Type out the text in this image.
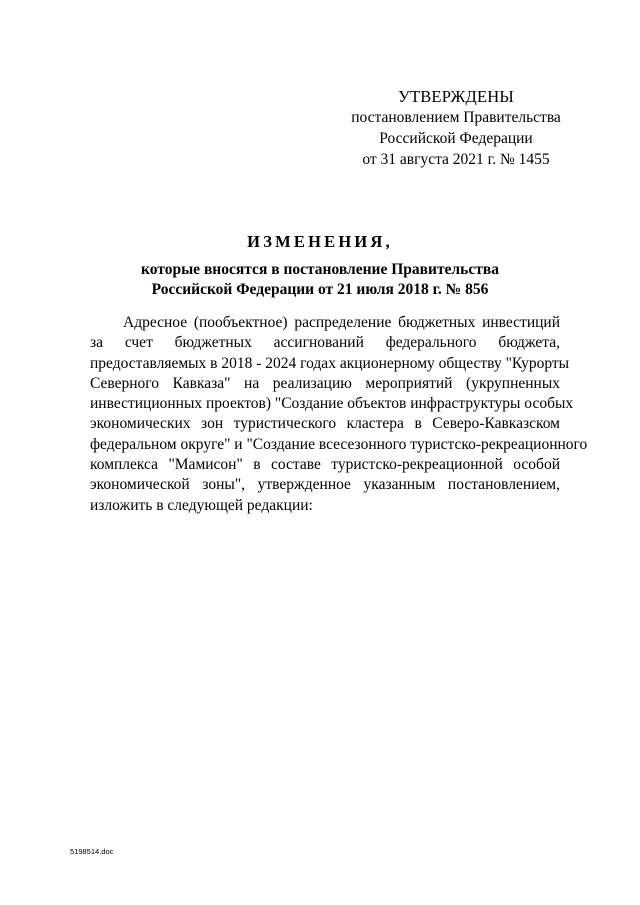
УТВЕРЖДЕНЫ
постановлением Правительства
Российской Федерации
от 31 августа 2021 г. № 1455
ИЗМЕНЕНИЯ,
которые вносятся в постановление Правительства
Российской Федерации от 21 июля 2018 г. № 856
Адресное (пообъектное) распределение бюджетных инвестиций
за счет бюджетных ассигнований федерального бюджета,
предоставляемых в 2018 - 2024 годах акционерному обществу "Курорты
Северного Кавказа" на реализацию мероприятий (укрупненных
инвестиционных проектов) "Создание объектов инфраструктуры особых
экономических зон туристического кластера в Северо-Кавказском
федеральном округе" и "Создание всесезонного туристско-рекреационного
комплекса "Мамисон" в составе туристско-рекреационной особой
экономической зоны", утвержденное указанным постановлением,
изложить в следующей редакции:
5198514.doc
